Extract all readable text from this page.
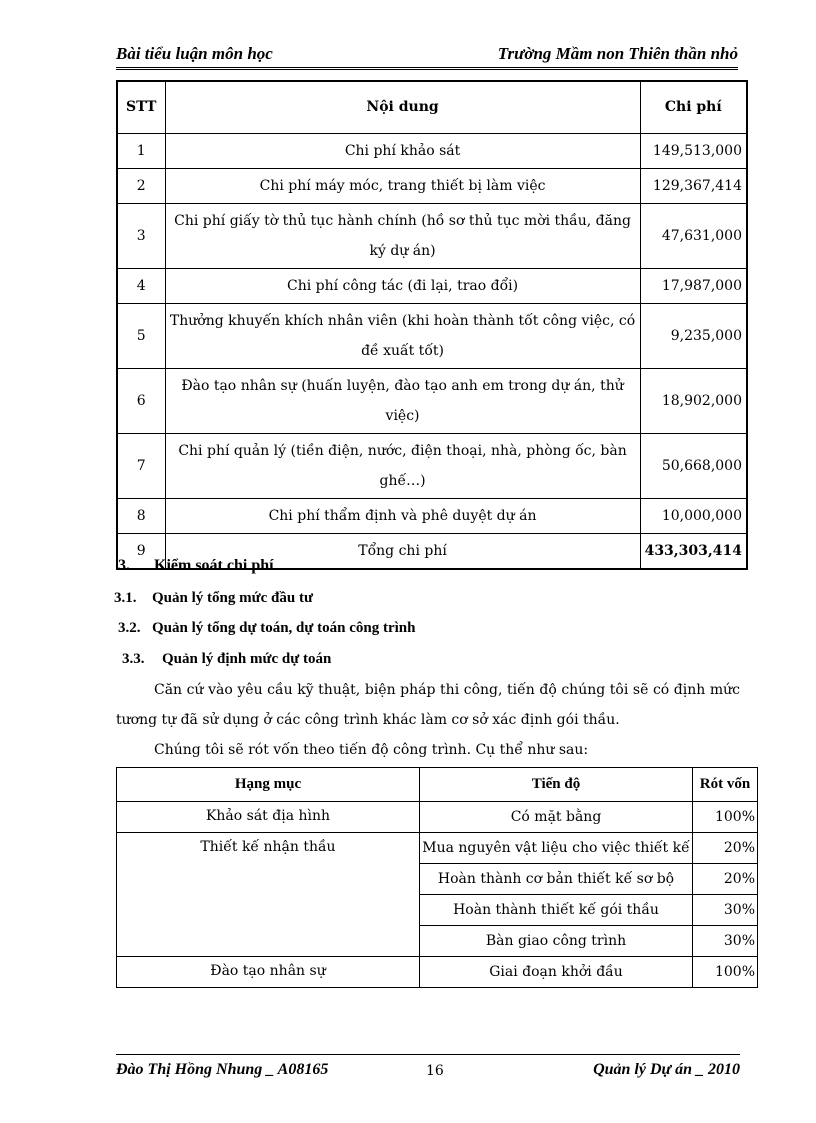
Bài tiểu luận môn học	Trường Mầm non Thiên thần nhỏ
STT	Nội dung	Chi phí
1	Chi phí khảo sát	149,513,000
2	Chi phí máy móc, trang thiết bị làm việc	129,367,414
3	Chi phí giấy tờ thủ tục hành chính (hồ sơ thủ tục mời thầu, đăng ký dự án)	47,631,000
4	Chi phí công tác (đi lại, trao đổi)	17,987,000
5	Thưởng khuyến khích nhân viên (khi hoàn thành tốt công việc, có đề xuất tốt)	9,235,000
6	Đào tạo nhân sự (huấn luyện, đào tạo anh em trong dự án, thử việc)	18,902,000
7	Chi phí quản lý (tiền điện, nước, điện thoại, nhà, phòng ốc, bàn ghế…)	50,668,000
8	Chi phí thẩm định và phê duyệt dự án	10,000,000
9	Tổng chi phí	433,303,414
3. Kiểm soát chi phí
3.1. Quản lý tổng mức đầu tư
3.2. Quản lý tổng dự toán, dự toán công trình
3.3. Quản lý định mức dự toán

Căn cứ vào yêu cầu kỹ thuật, biện pháp thi công, tiến độ chúng tôi sẽ có định mức tương tự đã sử dụng ở các công trình khác làm cơ sở xác định gói thầu.

Chúng tôi sẽ rót vốn theo tiến độ công trình. Cụ thể như sau:

Hạng mục	Tiến độ	Rót vốn
Khảo sát địa hình	Có mặt bằng	100%
Thiết kế nhận thầu	Mua nguyên vật liệu cho việc thiết kế	20%
	Hoàn thành cơ bản thiết kế sơ bộ	20%
	Hoàn thành thiết kế gói thầu	30%
	Bàn giao công trình	30%
Đào tạo nhân sự	Giai đoạn khởi đầu	100%
Đào Thị Hồng Nhung _ A08165	16	Quản lý Dự án _ 2010
